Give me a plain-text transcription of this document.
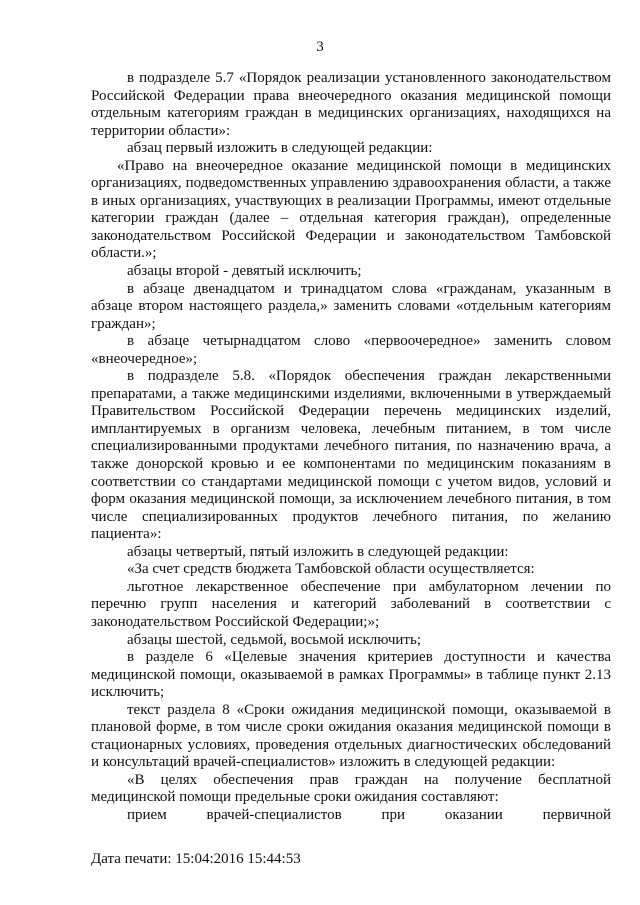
3

в подразделе 5.7 «Порядок реализации установленного законодательством Российской Федерации права внеочередного оказания медицинской помощи отдельным категориям граждан в медицинских организациях, находящихся на территории области»:

абзац первый изложить в следующей редакции:

«Право на внеочередное оказание медицинской помощи в медицинских организациях, подведомственных управлению здравоохранения области, а также в иных организациях, участвующих в реализации Программы, имеют отдельные категории граждан (далее – отдельная категория граждан), определенные законодательством Российской Федерации и законодательством Тамбовской области.»;

абзацы второй - девятый исключить;

в абзаце двенадцатом и тринадцатом слова «гражданам, указанным в абзаце втором настоящего раздела,» заменить словами «отдельным категориям граждан»;

в абзаце четырнадцатом слово «первоочередное» заменить словом «внеочередное»;

в подразделе 5.8. «Порядок обеспечения граждан лекарственными препаратами, а также медицинскими изделиями, включенными в утверждаемый Правительством Российской Федерации перечень медицинских изделий, имплантируемых в организм человека, лечебным питанием, в том числе специализированными продуктами лечебного питания, по назначению врача, а также донорской кровью и ее компонентами по медицинским показаниям в соответствии со стандартами медицинской помощи с учетом видов, условий и форм оказания медицинской помощи, за исключением лечебного питания, в том числе специализированных продуктов лечебного питания, по желанию пациента»:

абзацы четвертый, пятый изложить в следующей редакции:

«За счет средств бюджета Тамбовской области осуществляется:

льготное лекарственное обеспечение при амбулаторном лечении по перечню групп населения и категорий заболеваний в соответствии с законодательством Российской Федерации;»;

абзацы шестой, седьмой, восьмой исключить;

в разделе 6 «Целевые значения критериев доступности и качества медицинской помощи, оказываемой в рамках Программы» в таблице пункт 2.13 исключить;

текст раздела 8 «Сроки ожидания медицинской помощи, оказываемой в плановой форме, в том числе сроки ожидания оказания медицинской помощи в стационарных условиях, проведения отдельных диагностических обследований и консультаций врачей-специалистов» изложить в следующей редакции:

«В целях обеспечения прав граждан на получение бесплатной медицинской помощи предельные сроки ожидания составляют:

прием врачей-специалистов при оказании первичной

Дата печати: 15:04:2016 15:44:53
